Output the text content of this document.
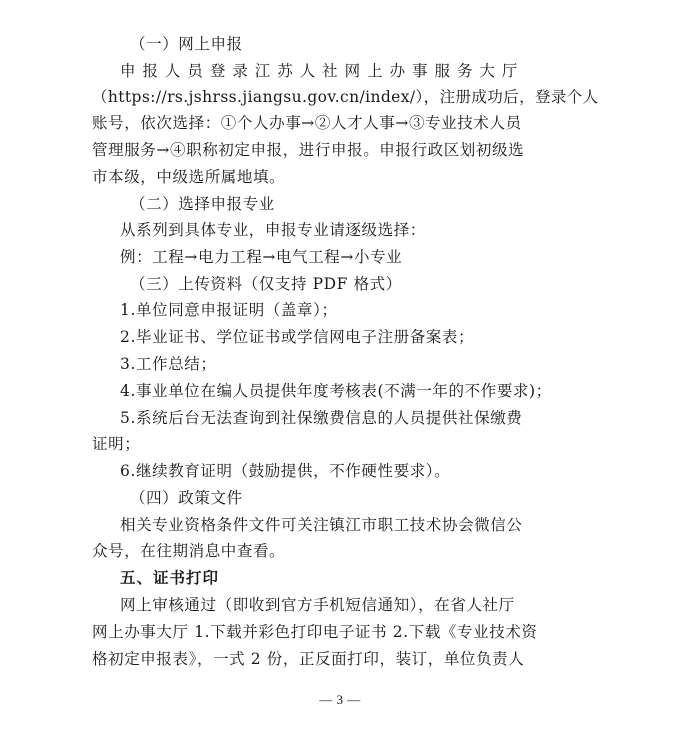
（一）网上申报
申 报 人 员 登 录 江 苏 人 社 网 上 办 事 服 务 大 厅
（https://rs.jshrss.jiangsu.gov.cn/index/），注册成功后，登录个人
账号，依次选择：①个人办事→②人才人事→③专业技术人员
管理服务→④职称初定申报，进行申报。申报行政区划初级选
市本级，中级选所属地填。
（二）选择申报专业
从系列到具体专业，申报专业请逐级选择：
例：工程→电力工程→电气工程→小专业
（三）上传资料（仅支持 PDF 格式）
1.单位同意申报证明（盖章）；
2.毕业证书、学位证书或学信网电子注册备案表；
3.工作总结；
4.事业单位在编人员提供年度考核表(不满一年的不作要求)；
5.系统后台无法查询到社保缴费信息的人员提供社保缴费
证明；
6.继续教育证明（鼓励提供，不作硬性要求）。
（四）政策文件
相关专业资格条件文件可关注镇江市职工技术协会微信公
众号，在往期消息中查看。
五、证书打印
网上审核通过（即收到官方手机短信通知），在省人社厅
网上办事大厅 1.下载并彩色打印电子证书 2.下载《专业技术资
格初定申报表》，一式 2 份，正反面打印，装订，单位负责人
— 3 —
